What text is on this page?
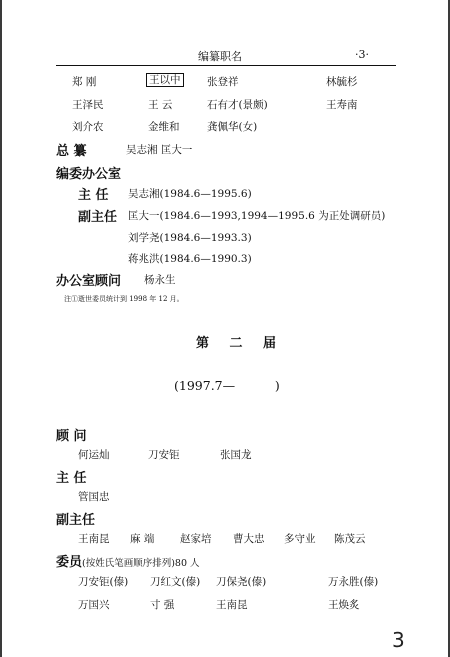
编纂职名	·3·
郑 刚	王以中	张登祥	林毓杉
王泽民	王 云	石有才(景颇)	王寿南
刘介农	金维和	龚佩华(女)
总 纂	吴志湘 匡大一
编委办公室
主 任 吴志湘(1984.6—1995.6)
副主任 匡大一(1984.6—1993,1994—1995.6 为正处调研员)
刘学尧(1984.6—1993.3)
蒋兆洪(1984.6—1990.3)
办公室顾问 杨永生
注①逝世委员统计到 1998 年 12 月。
第 二 届
(1997.7—          )
顾 问
何运灿	刀安钜	张国龙
主 任
管国忠
副主任
王南昆 麻 端 赵家培 曹大忠 多守业 陈茂云
委员(按姓氏笔画顺序排列)80 人
刀安钜(傣) 刀红文(傣) 刀保尧(傣)	万永胜(傣)
万国兴	寸 强	王南昆	王焕炙
3
